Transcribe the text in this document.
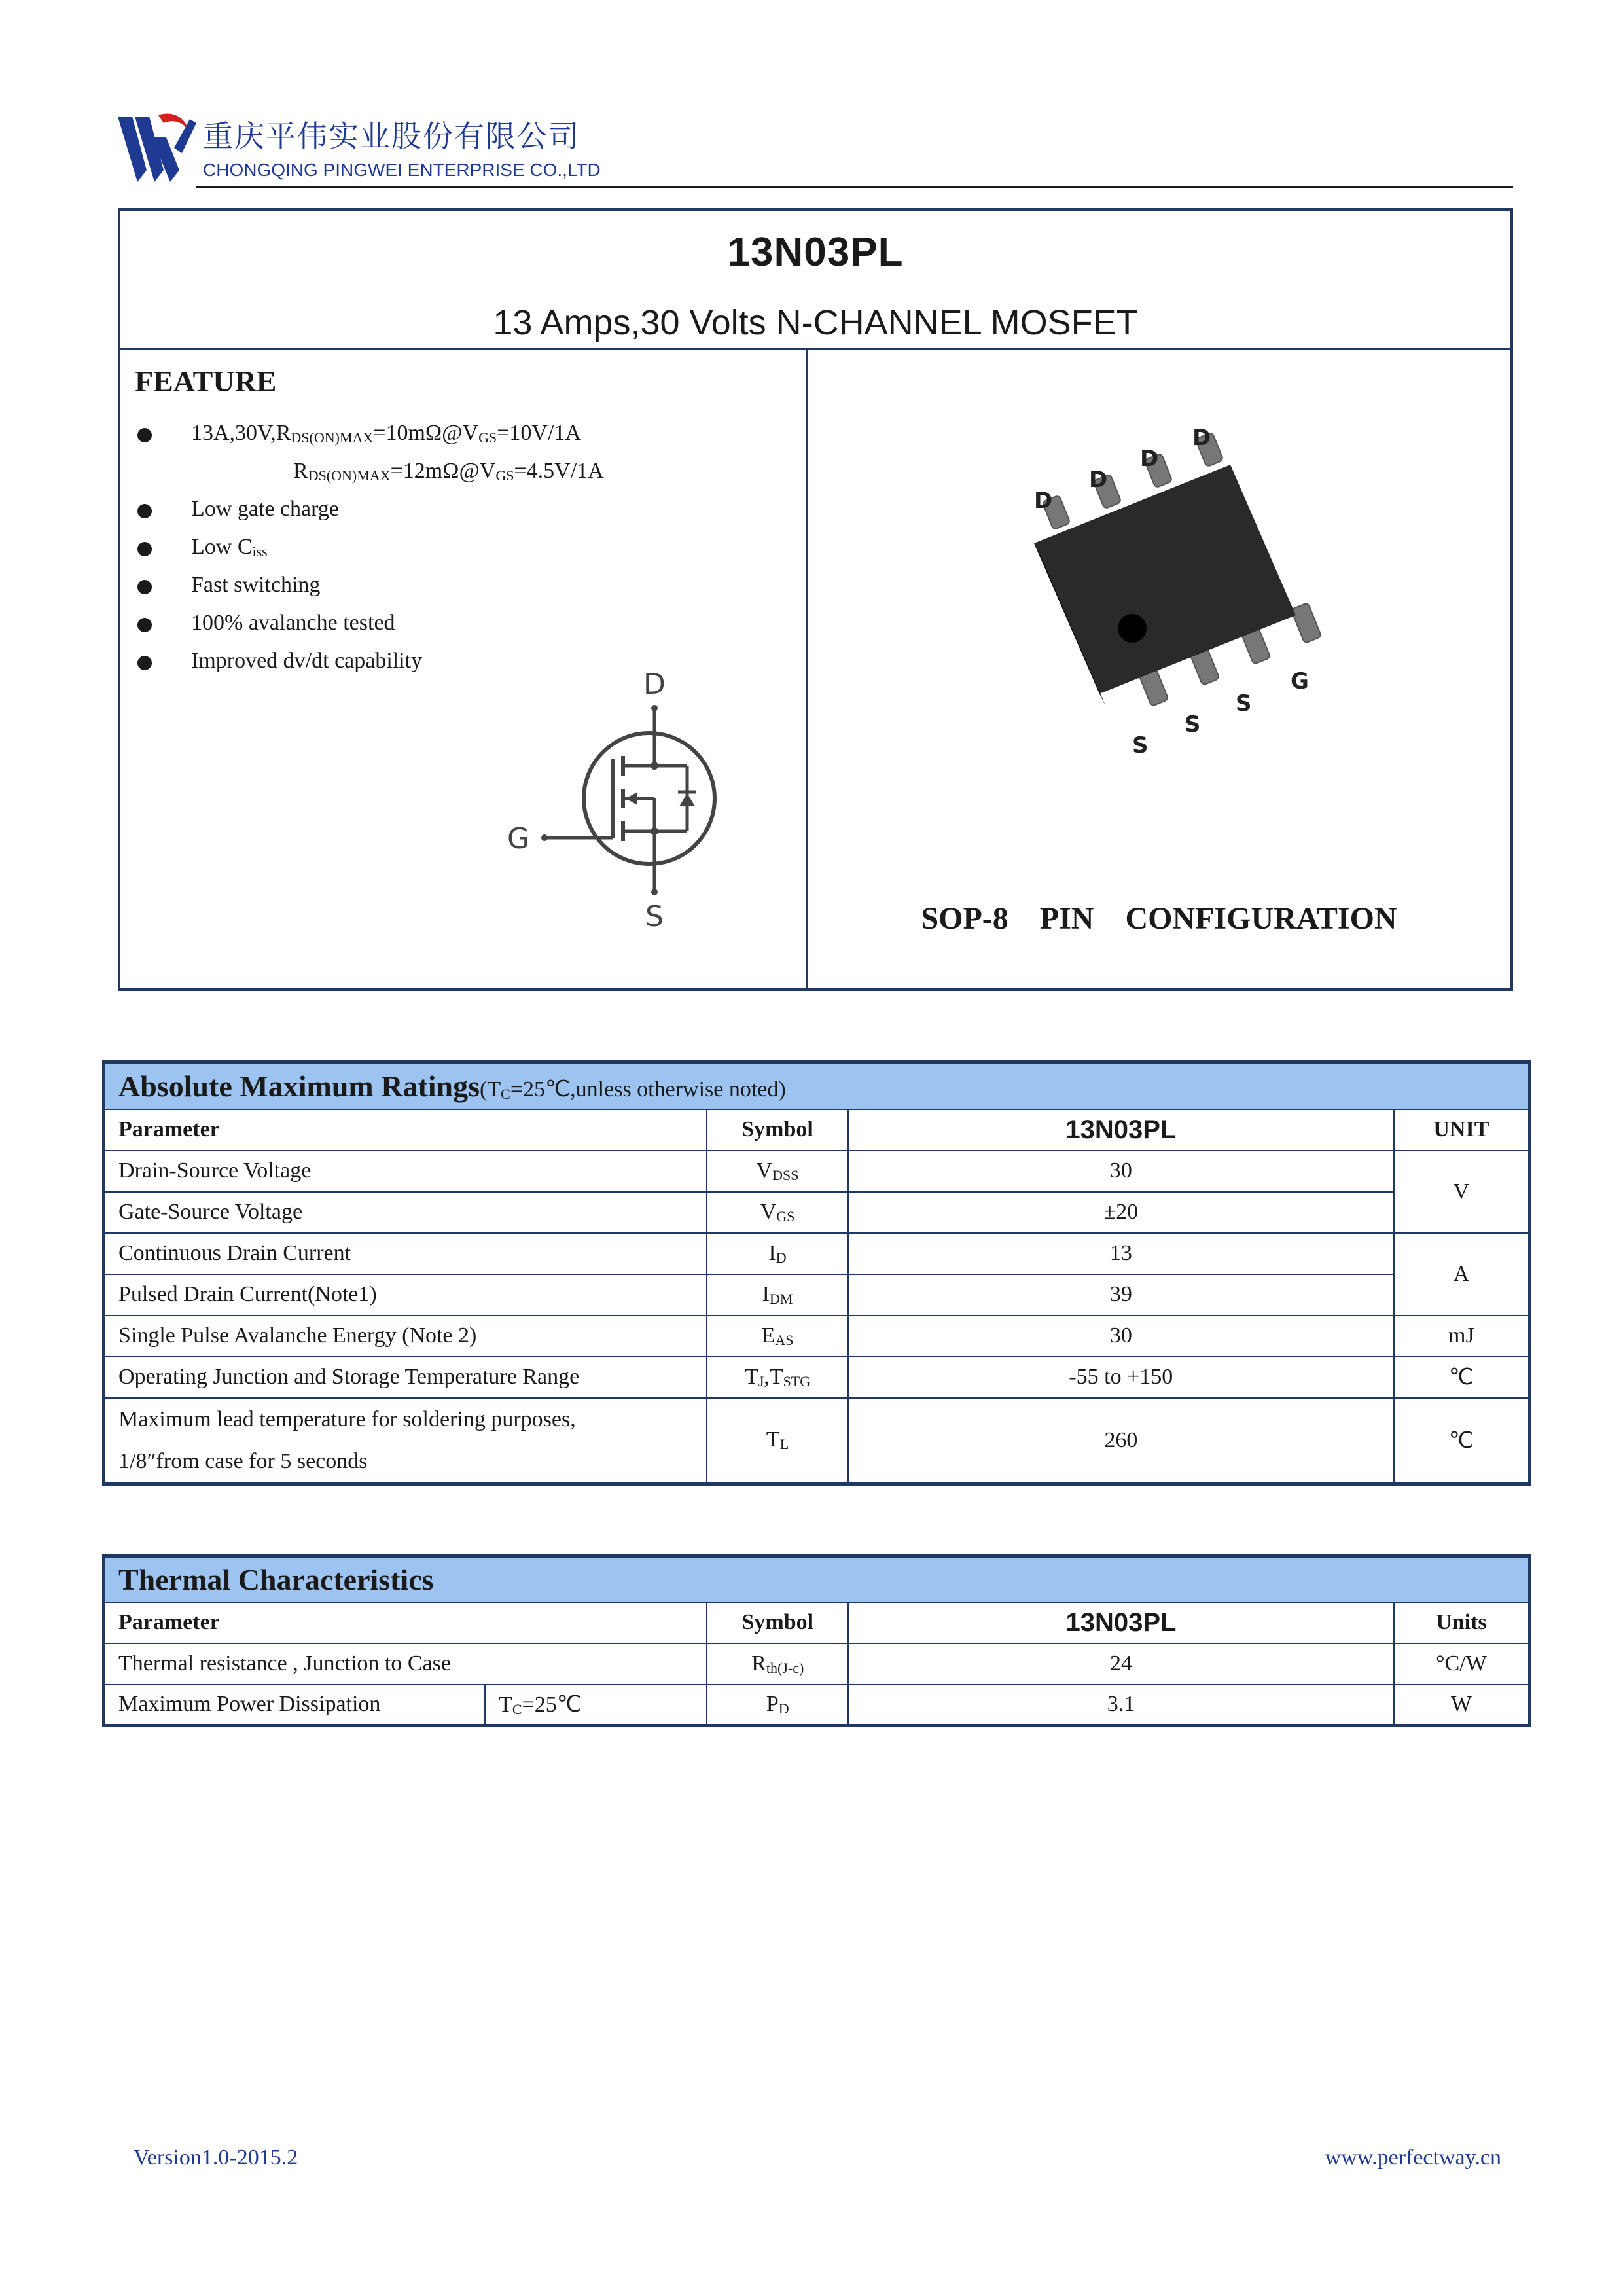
重庆平伟实业股份有限公司
CHONGQING PINGWEI ENTERPRISE CO.,LTD
13N03PL
13 Amps,30 Volts N-CHANNEL MOSFET
FEATURE
$13A,30V,R_{DS(ON)MAX}=10m\Omega@V_{GS}=10V/1A$
$R_{DS(ON)MAX}=12m\Omega@V_{GS}=4.5V/1A$
Low gate charge
Low $C_{iss}$
Fast switching
100% avalanche tested
Improved dv/dt capability
D
G
S
D
D
D
D
S
S
S
G
SOP-8    PIN    CONFIGURATION
Absolute Maximum $Ratings(T_C=25℃,unless$ otherwise noted)			
Parameter	Symbol	13N03PL	UNIT
Drain-Source Voltage	$V_{DSS}$	30	V
Gate-Source Voltage	$V_{GS}$	±20	
Continuous Drain Current	$I_D$	13	A
Pulsed Drain Current(Note1)	$I_{DM}$	39	
Single Pulse Avalanche Energy (Note 2)	$E_{AS}$	30	mJ
Operating Junction and Storage Temperature Range	$T_J,T_{STG}$	-55 to +150	℃

Maximum lead temperature for soldering purposes,
1/8″from case for 5 seconds	$T_L$	260	℃
Thermal Characteristics				
Parameter		Symbol	13N03PL	Units
Thermal resistance , Junction to Case		$R_{th(J-c)}$	24	°C/W
Maximum Power Dissipation	$T_C=25℃$	$P_D$	3.1	W
Version1.0-2015.2	www.perfectway.cn
